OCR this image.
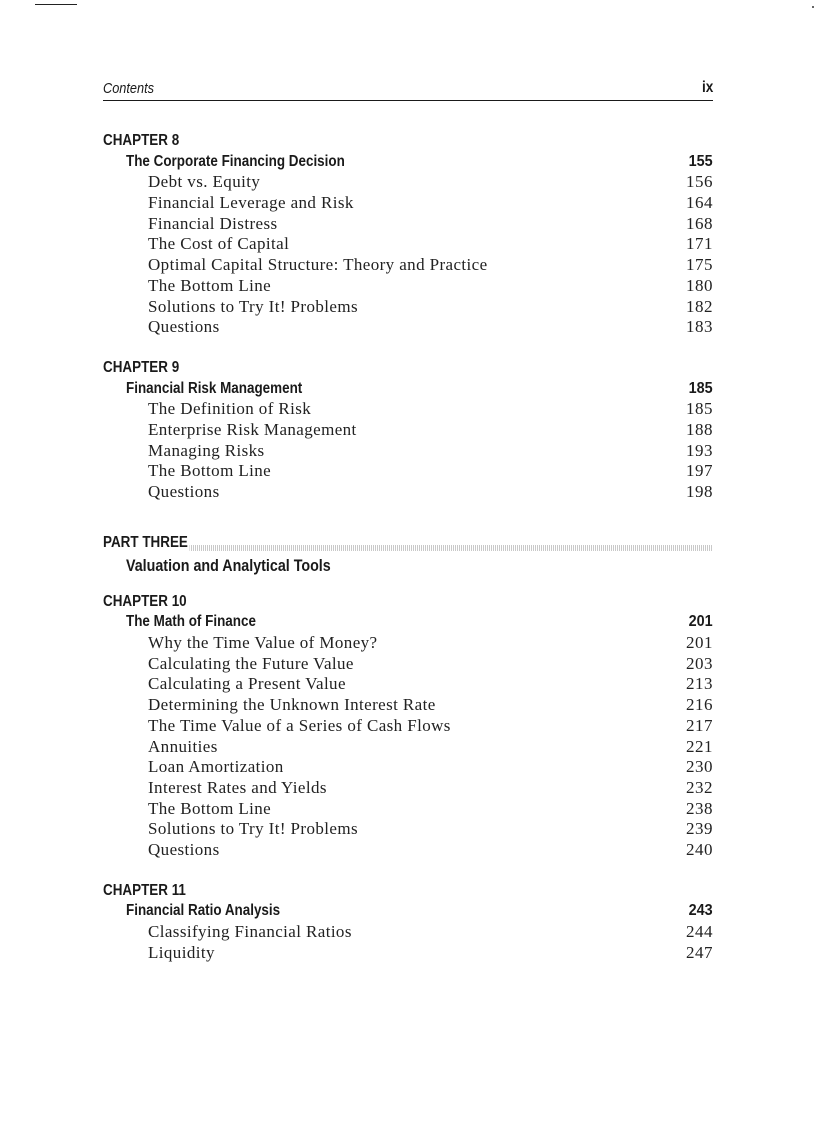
Contents	ix
CHAPTER 8
The Corporate Financing Decision	155
Debt vs. Equity	156
Financial Leverage and Risk	164
Financial Distress	168
The Cost of Capital	171
Optimal Capital Structure: Theory and Practice	175
The Bottom Line	180
Solutions to Try It! Problems	182
Questions	183
CHAPTER 9
Financial Risk Management	185
The Definition of Risk	185
Enterprise Risk Management	188
Managing Risks	193
The Bottom Line	197
Questions	198
PART THREE
Valuation and Analytical Tools
CHAPTER 10
The Math of Finance	201
Why the Time Value of Money?	201
Calculating the Future Value	203
Calculating a Present Value	213
Determining the Unknown Interest Rate	216
The Time Value of a Series of Cash Flows	217
Annuities	221
Loan Amortization	230
Interest Rates and Yields	232
The Bottom Line	238
Solutions to Try It! Problems	239
Questions	240
CHAPTER 11
Financial Ratio Analysis	243
Classifying Financial Ratios	244
Liquidity	247
